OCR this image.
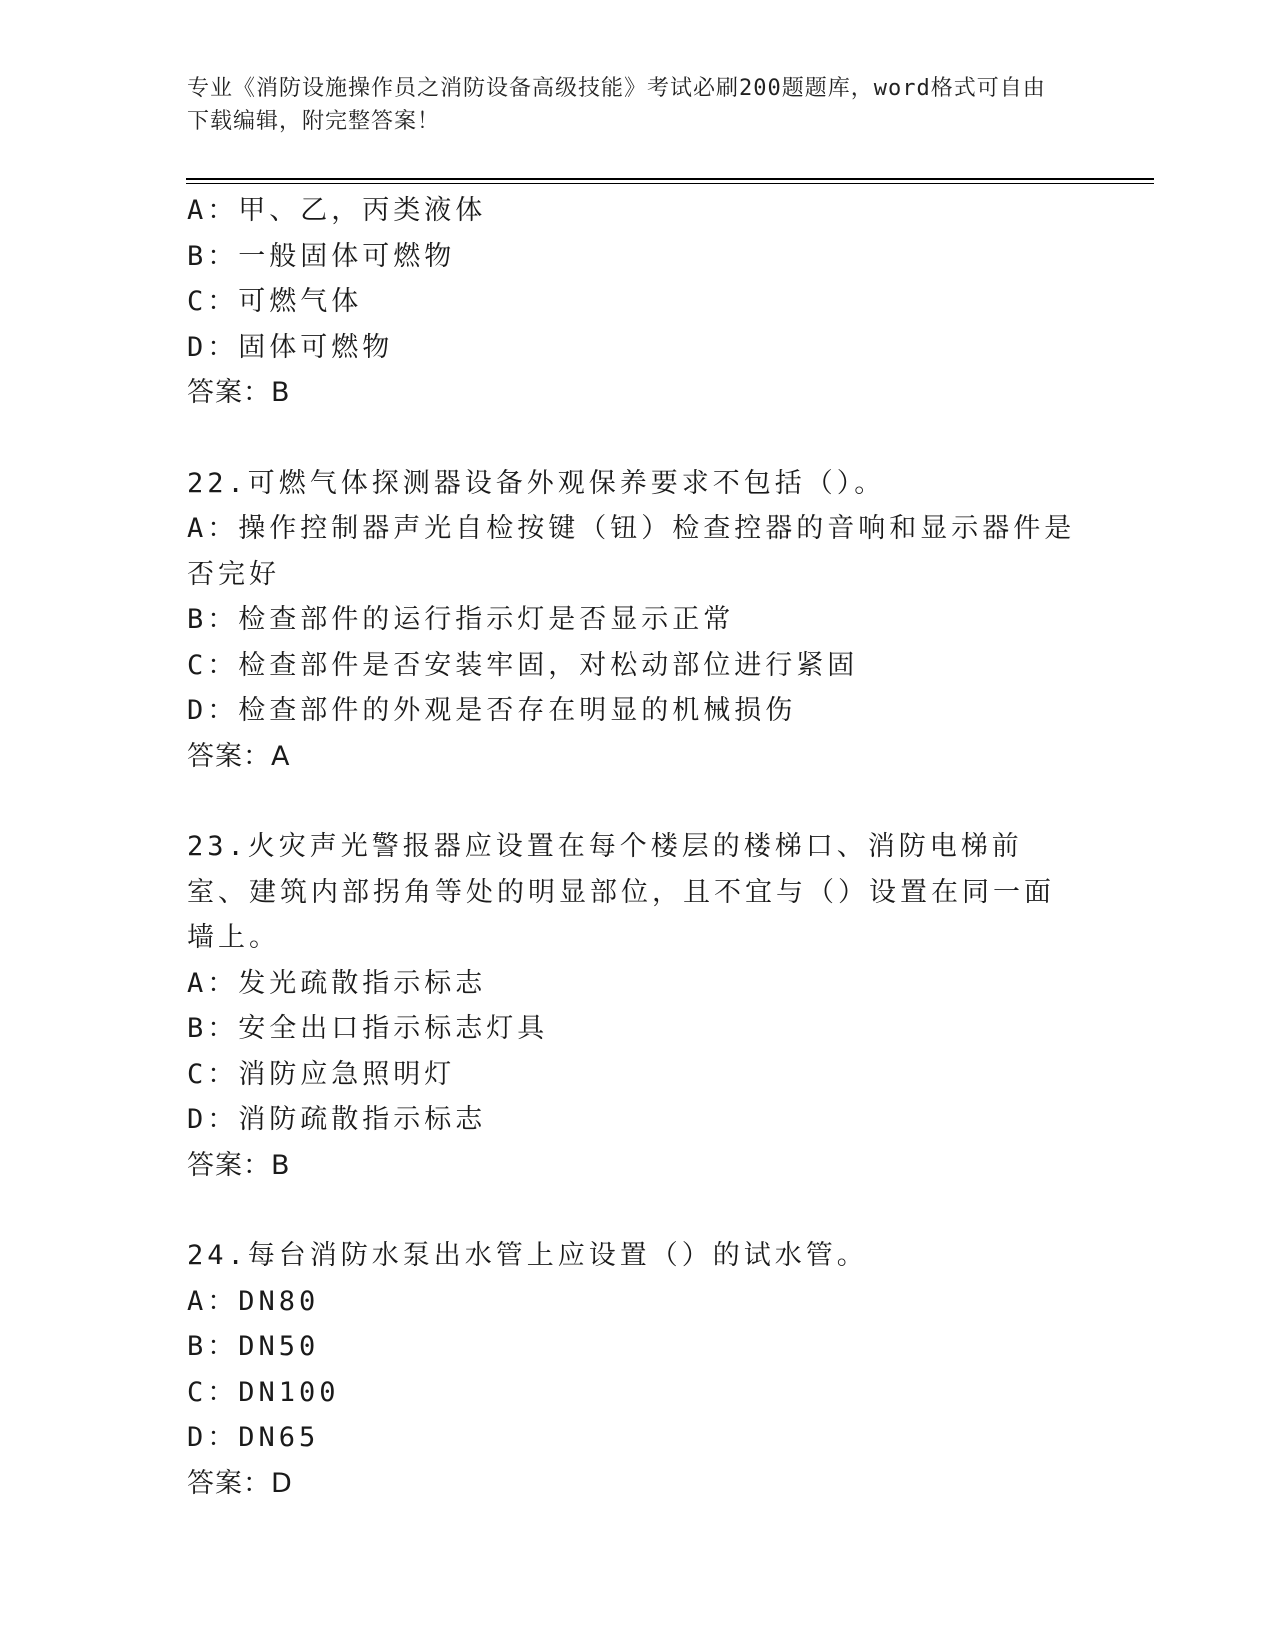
专业《消防设施操作员之消防设备高级技能》考试必刷200题题库，word格式可自由下载编辑，附完整答案！
A：甲、乙，丙类液体
B：一般固体可燃物
C：可燃气体
D：固体可燃物
答案：B
22.可燃气体探测器设备外观保养要求不包括（）。
A：操作控制器声光自检按键（钮）检查控器的音响和显示器件是否完好
B：检查部件的运行指示灯是否显示正常
C：检查部件是否安装牢固，对松动部位进行紧固
D：检查部件的外观是否存在明显的机械损伤
答案：A
23.火灾声光警报器应设置在每个楼层的楼梯口、消防电梯前室、建筑内部拐角等处的明显部位，且不宜与（）设置在同一面墙上。
A：发光疏散指示标志
B：安全出口指示标志灯具
C：消防应急照明灯
D：消防疏散指示标志
答案：B
24.每台消防水泵出水管上应设置（）的试水管。
A：DN80
B：DN50
C：DN100
D：DN65
答案：D
